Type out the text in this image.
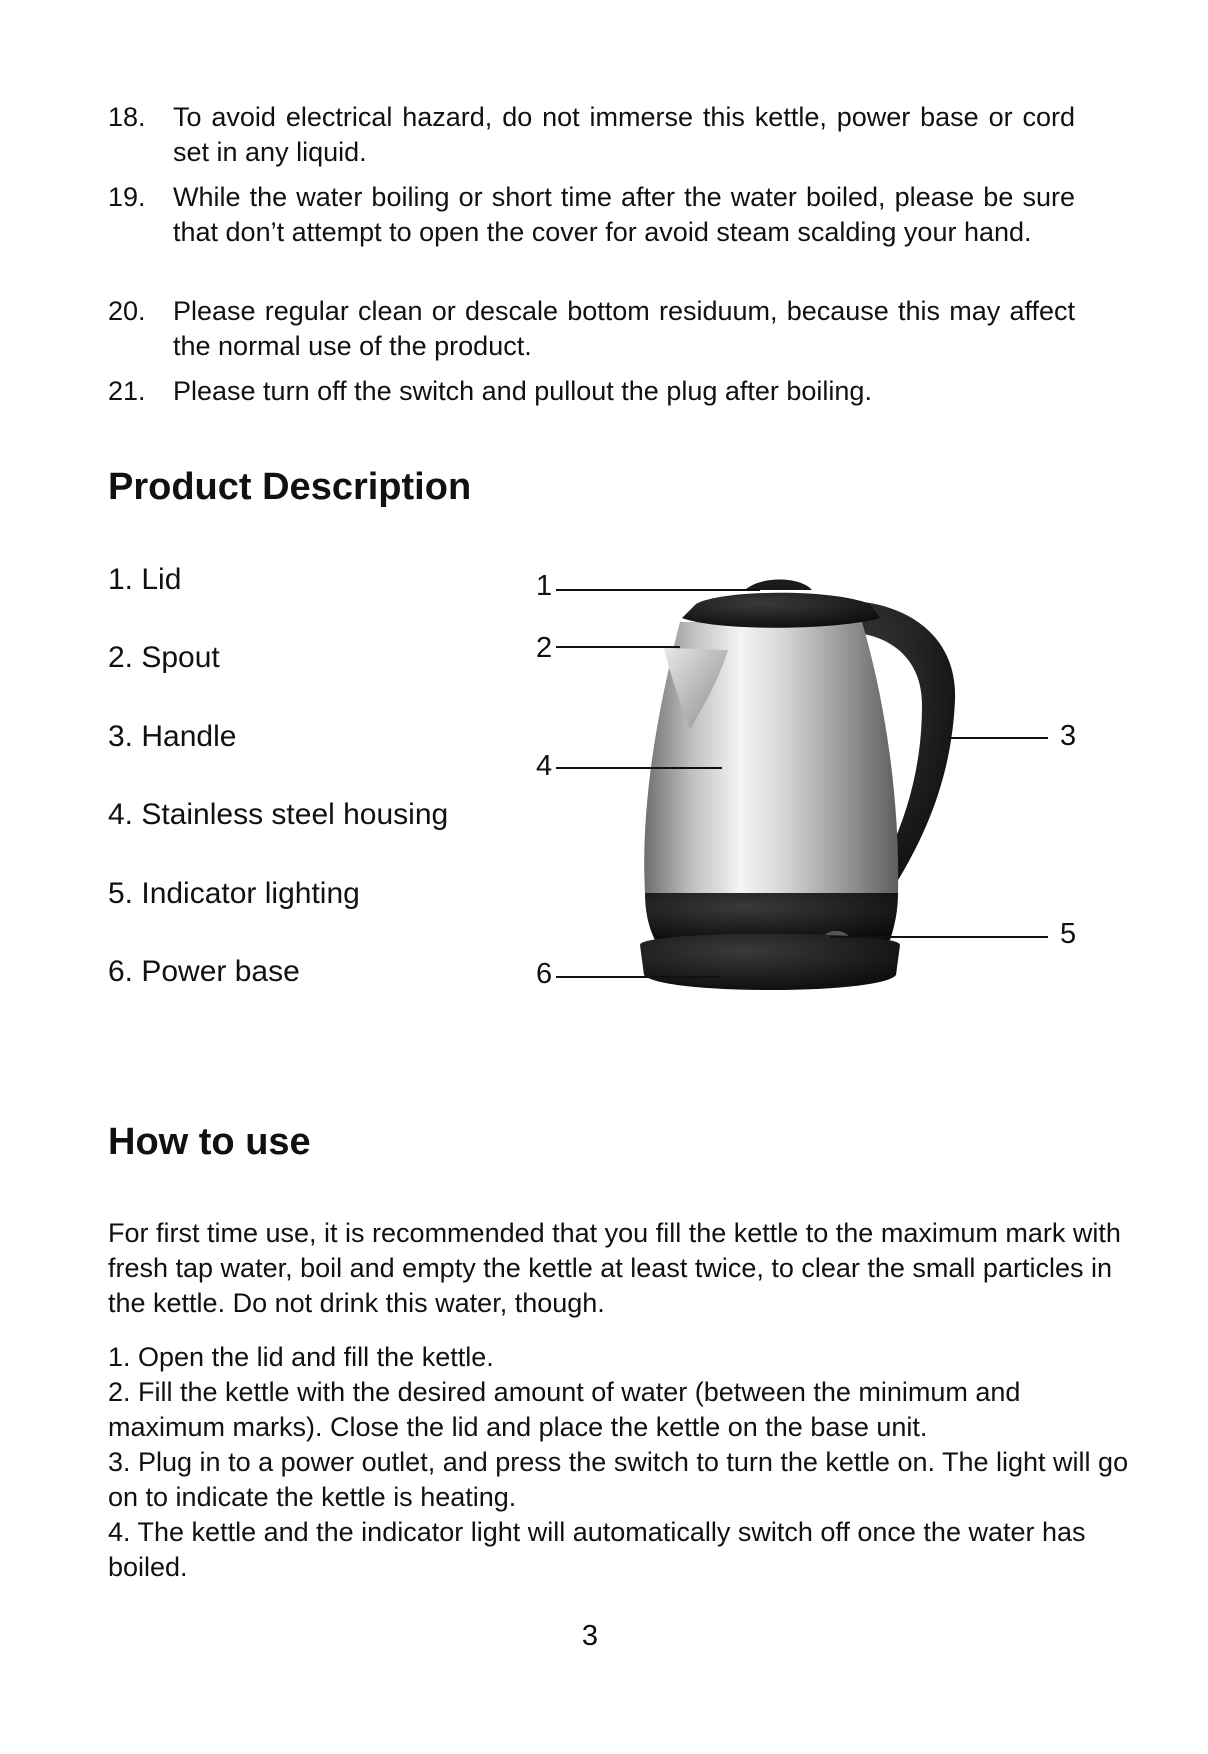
18.	To avoid electrical hazard, do not immerse this kettle, power base or cord set in any liquid.
19.	While the water boiling or short time after the water boiled, please be sure that don’t attempt to open the cover for avoid steam scalding your hand.
20.	Please regular clean or descale bottom residuum, because this may affect the normal use of the product.
21.	Please turn off the switch and pullout the plug after boiling.
Product Description
1. Lid
2. Spout
3. Handle
4. Stainless steel housing
5. Indicator lighting
6. Power base
1
2
3
4
5
6
How to use
For first time use, it is recommended that you fill the kettle to the maximum mark with fresh tap water, boil and empty the kettle at least twice, to clear the small particles in the kettle. Do not drink this water, though.
1. Open the lid and fill the kettle.
2. Fill the kettle with the desired amount of water (between the minimum and maximum marks). Close the lid and place the kettle on the base unit.
3. Plug in to a power outlet, and press the switch to turn the kettle on. The light will go on to indicate the kettle is heating.
4. The kettle and the indicator light will automatically switch off once the water has boiled.
3
